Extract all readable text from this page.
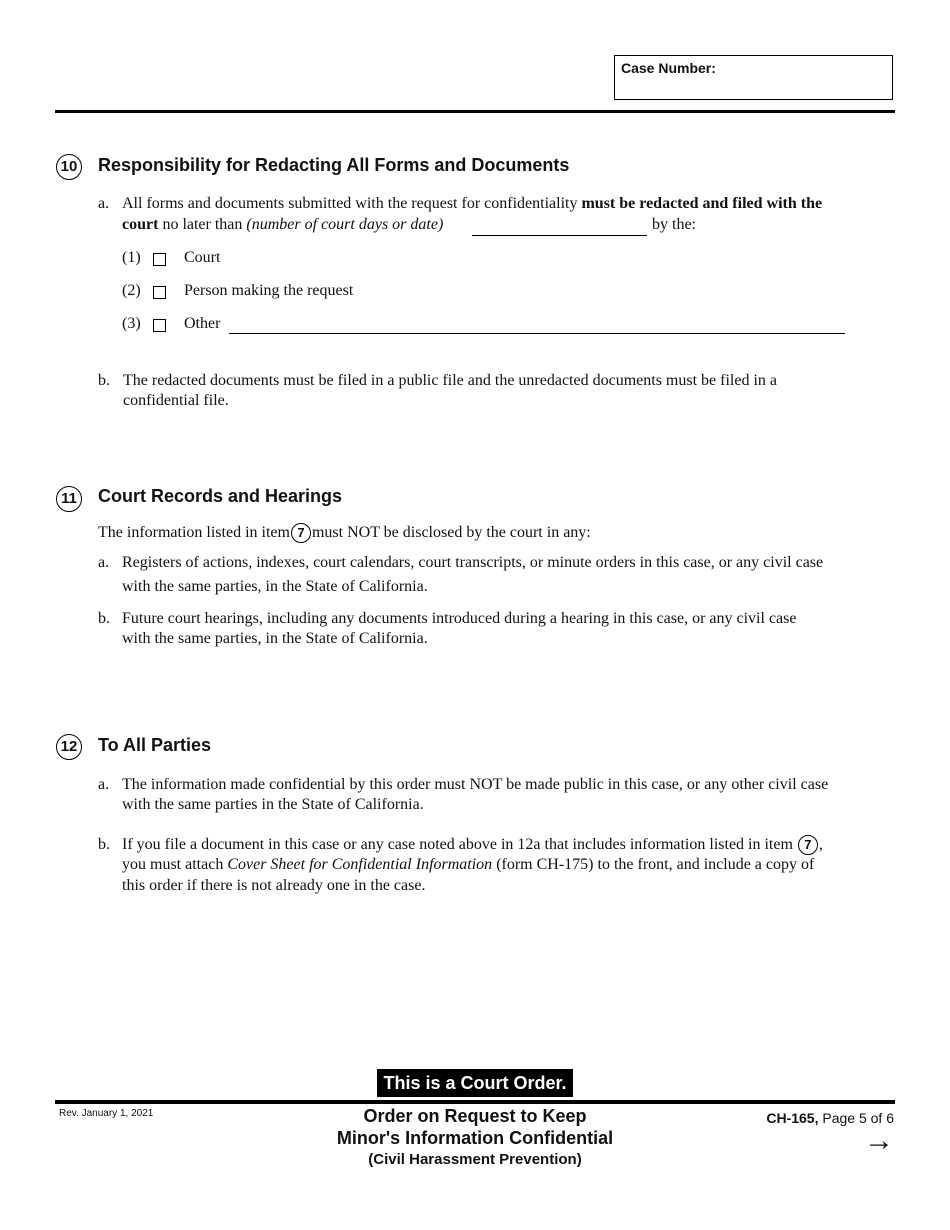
Case Number:
10 Responsibility for Redacting All Forms and Documents
a. All forms and documents submitted with the request for confidentiality must be redacted and filed with the
court no later than (number of court days or date)	by the:
(1)	Court
(2)	Person making the request
(3)	Other
b. The redacted documents must be filed in a public file and the unredacted documents must be filed in a
confidential file.
11 Court Records and Hearings
The information listed in item 7 must NOT be disclosed by the court in any:
a. Registers of actions, indexes, court calendars, court transcripts, or minute orders in this case, or any civil case
with the same parties, in the State of California.
b. Future court hearings, including any documents introduced during a hearing in this case, or any civil case
with the same parties, in the State of California.
12 To All Parties
a. The information made confidential by this order must NOT be made public in this case, or any other civil case
with the same parties in the State of California.
b. If you file a document in this case or any case noted above in 12a that includes information listed in item 7 ,
you must attach Cover Sheet for Confidential Information (form CH-175) to the front, and include a copy of
this order if there is not already one in the case.
This is a Court Order.
Rev. January 1, 2021	Order on Request to Keep
Minor's Information Confidential
(Civil Harassment Prevention)
CH-165, Page 5 of 6
→
